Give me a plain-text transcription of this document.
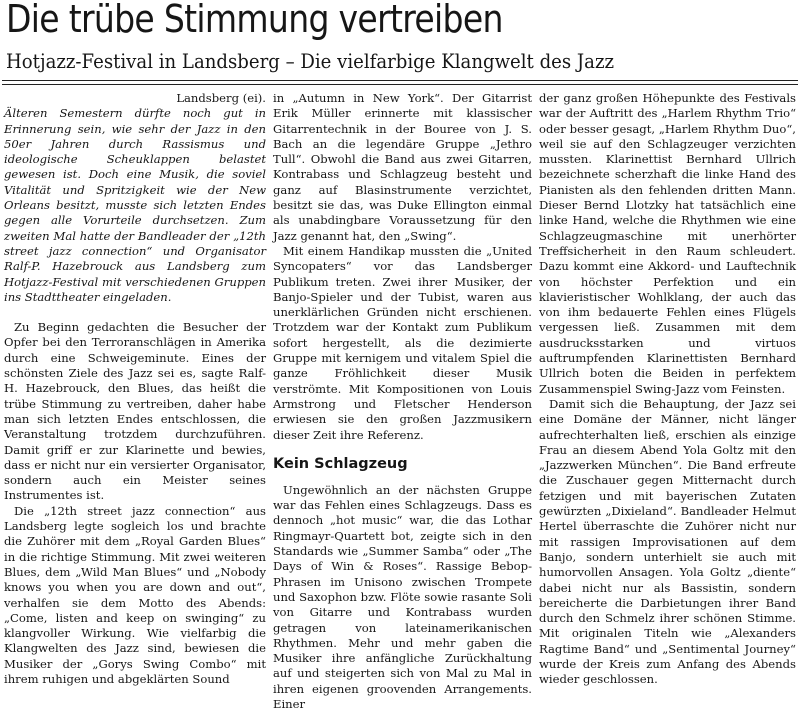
Die trübe Stimmung vertreiben
Hotjazz-Festival in Landsberg – Die vielfarbige Klangwelt des Jazz
Landsberg (ei).

Älteren Semestern dürfte noch gut in Erinnerung sein, wie sehr der Jazz in den 50er Jahren durch Rassismus und ideologische Scheuklappen belastet gewesen ist. Doch eine Musik, die soviel Vitalität und Spritzigkeit wie der New Orleans besitzt, musste sich letzten Endes gegen alle Vorurteile durchsetzen. Zum zweiten Mal hatte der Bandleader der „12th street jazz connection“ und Organisator Ralf-P. Hazebrouck aus Landsberg zum Hotjazz-Festival mit verschiedenen Gruppen ins Stadttheater eingeladen.

Zu Beginn gedachten die Besucher der Opfer bei den Terroranschlägen in Amerika durch eine Schweigeminute. Eines der schönsten Ziele des Jazz sei es, sagte Ralf-H. Hazebrouck, den Blues, das heißt die trübe Stimmung zu vertreiben, daher habe man sich letzten Endes entschlossen, die Veranstaltung trotzdem durchzuführen. Damit griff er zur Klarinette und bewies, dass er nicht nur ein versierter Organisator, sondern auch ein Meister seines Instrumentes ist.

Die „12th street jazz connection“ aus Landsberg legte sogleich los und brachte die Zuhörer mit dem „Royal Garden Blues“ in die richtige Stimmung. Mit zwei weiteren Blues, dem „Wild Man Blues“ und „Nobody knows you when you are down and out“, verhalfen sie dem Motto des Abends: „Come, listen and keep on swinging“ zu klangvoller Wirkung. Wie vielfarbig die Klangwelten des Jazz sind, bewiesen die Musiker der „Gorys Swing Combo“ mit ihrem ruhigen und abgeklärten Sound

in „Autumn in New York“. Der Gitarrist Erik Müller erinnerte mit klassischer Gitarrentechnik in der Bouree von J. S. Bach an die legendäre Gruppe „Jethro Tull“. Obwohl die Band aus zwei Gitarren, Kontrabass und Schlagzeug besteht und ganz auf Blasinstrumente verzichtet, besitzt sie das, was Duke Ellington einmal als unabdingbare Voraussetzung für den Jazz genannt hat, den „Swing“.

Mit einem Handikap mussten die „United Syncopaters“ vor das Landsberger Publikum treten. Zwei ihrer Musiker, der Banjo-Spieler und der Tubist, waren aus unerklärlichen Gründen nicht erschienen. Trotzdem war der Kontakt zum Publikum sofort hergestellt, als die dezimierte Gruppe mit kernigem und vitalem Spiel die ganze Fröhlichkeit dieser Musik verströmte. Mit Kompositionen von Louis Armstrong und Fletscher Henderson erwiesen sie den großen Jazzmusikern dieser Zeit ihre Referenz.

Kein Schlagzeug

Ungewöhnlich an der nächsten Gruppe war das Fehlen eines Schlagzeugs. Dass es dennoch „hot music“ war, die das Lothar Ringmayr-Quartett bot, zeigte sich in den Standards wie „Summer Samba“ oder „The Days of Win & Roses“. Rassige Bebop-Phrasen im Unisono zwischen Trompete und Saxophon bzw. Flöte sowie rasante Soli von Gitarre und Kontrabass wurden getragen von lateinamerikanischen Rhythmen. Mehr und mehr gaben die Musiker ihre anfängliche Zurückhaltung auf und steigerten sich von Mal zu Mal in ihren eigenen groovenden Arrangements. Einer

der ganz großen Höhepunkte des Festivals war der Auftritt des „Harlem Rhythm Trio“ oder besser gesagt, „Harlem Rhythm Duo“, weil sie auf den Schlagzeuger verzichten mussten. Klarinettist Bernhard Ullrich bezeichnete scherzhaft die linke Hand des Pianisten als den fehlenden dritten Mann. Dieser Bernd Llotzky hat tatsächlich eine linke Hand, welche die Rhythmen wie eine Schlagzeugmaschine mit unerhörter Treffsicherheit in den Raum schleudert. Dazu kommt eine Akkord- und Lauftechnik von höchster Perfektion und ein klavieristischer Wohlklang, der auch das von ihm bedauerte Fehlen eines Flügels vergessen ließ. Zusammen mit dem ausdrucksstarken und virtuos auftrumpfenden Klarinettisten Bernhard Ullrich boten die Beiden in perfektem Zusammenspiel Swing-Jazz vom Feinsten.

Damit sich die Behauptung, der Jazz sei eine Domäne der Männer, nicht länger aufrechterhalten ließ, erschien als einzige Frau an diesem Abend Yola Goltz mit den „Jazzwerken München“. Die Band erfreute die Zuschauer gegen Mitternacht durch fetzigen und mit bayerischen Zutaten gewürzten „Dixieland“. Bandleader Helmut Hertel überraschte die Zuhörer nicht nur mit rassigen Improvisationen auf dem Banjo, sondern unterhielt sie auch mit humorvollen Ansagen. Yola Goltz „diente“ dabei nicht nur als Bassistin, sondern bereicherte die Darbietungen ihrer Band durch den Schmelz ihrer schönen Stimme. Mit originalen Titeln wie „Alexanders Ragtime Band“ und „Sentimental Journey“ wurde der Kreis zum Anfang des Abends wieder geschlossen.
